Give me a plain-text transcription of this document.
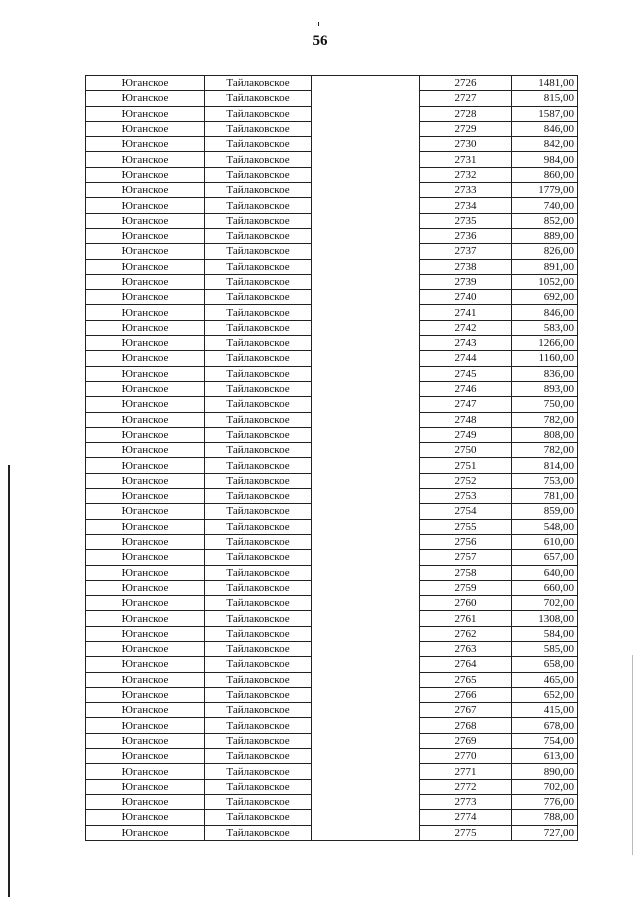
56
Юганское	Тайлаковское		2726	1481,00
Юганское	Тайлаковское		2727	815,00
Юганское	Тайлаковское		2728	1587,00
Юганское	Тайлаковское		2729	846,00
Юганское	Тайлаковское		2730	842,00
Юганское	Тайлаковское		2731	984,00
Юганское	Тайлаковское		2732	860,00
Юганское	Тайлаковское		2733	1779,00
Юганское	Тайлаковское		2734	740,00
Юганское	Тайлаковское		2735	852,00
Юганское	Тайлаковское		2736	889,00
Юганское	Тайлаковское		2737	826,00
Юганское	Тайлаковское		2738	891,00
Юганское	Тайлаковское		2739	1052,00
Юганское	Тайлаковское		2740	692,00
Юганское	Тайлаковское		2741	846,00
Юганское	Тайлаковское		2742	583,00
Юганское	Тайлаковское		2743	1266,00
Юганское	Тайлаковское		2744	1160,00
Юганское	Тайлаковское		2745	836,00
Юганское	Тайлаковское		2746	893,00
Юганское	Тайлаковское		2747	750,00
Юганское	Тайлаковское		2748	782,00
Юганское	Тайлаковское		2749	808,00
Юганское	Тайлаковское		2750	782,00
Юганское	Тайлаковское		2751	814,00
Юганское	Тайлаковское		2752	753,00
Юганское	Тайлаковское		2753	781,00
Юганское	Тайлаковское		2754	859,00
Юганское	Тайлаковское		2755	548,00
Юганское	Тайлаковское		2756	610,00
Юганское	Тайлаковское		2757	657,00
Юганское	Тайлаковское		2758	640,00
Юганское	Тайлаковское		2759	660,00
Юганское	Тайлаковское		2760	702,00
Юганское	Тайлаковское		2761	1308,00
Юганское	Тайлаковское		2762	584,00
Юганское	Тайлаковское		2763	585,00
Юганское	Тайлаковское		2764	658,00
Юганское	Тайлаковское		2765	465,00
Юганское	Тайлаковское		2766	652,00
Юганское	Тайлаковское		2767	415,00
Юганское	Тайлаковское		2768	678,00
Юганское	Тайлаковское		2769	754,00
Юганское	Тайлаковское		2770	613,00
Юганское	Тайлаковское		2771	890,00
Юганское	Тайлаковское		2772	702,00
Юганское	Тайлаковское		2773	776,00
Юганское	Тайлаковское		2774	788,00
Юганское	Тайлаковское		2775	727,00
